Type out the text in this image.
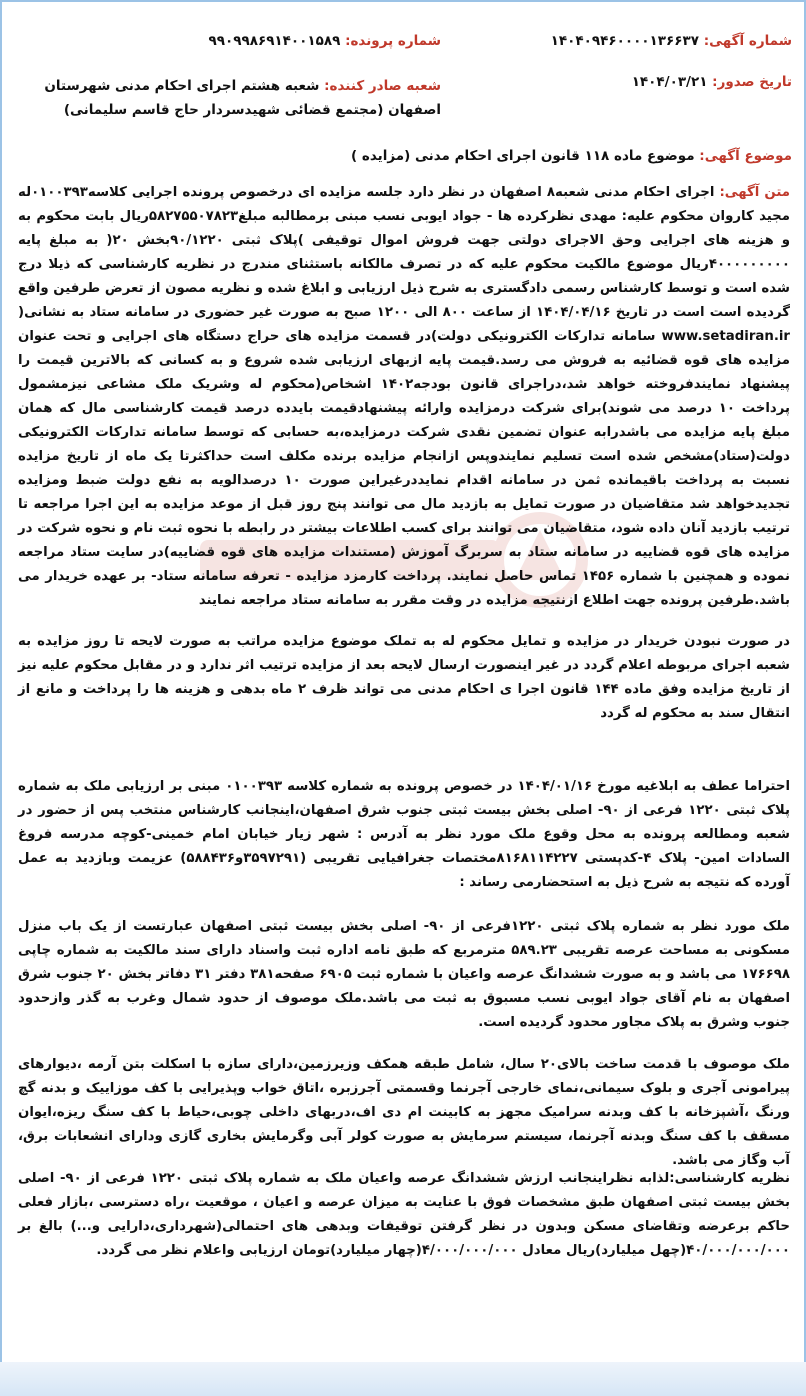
شماره آگهی: ۱۴۰۴۰۹۴۶۰۰۰۰۱۳۶۶۳۷
شماره پرونده: ۹۹۰۹۹۸۶۹۱۴۰۰۱۵۸۹
تاریخ صدور: ۱۴۰۴/۰۳/۲۱
شعبه صادر کننده: شعبه هشتم اجرای احکام مدنی شهرستان اصفهان (مجتمع قضائی شهیدسردار حاج قاسم سلیمانی)
موضوع آگهی: موضوع ماده ۱۱۸ قانون اجرای احکام مدنی (مزایده )

متن آگهی: اجرای احکام مدنی شعبه۸ اصفهان در نظر دارد جلسه مزایده ای درخصوص پرونده اجرایی کلاسه۰۱۰۰۳۹۳له مجید کاروان محکوم علیه: مهدی نظرکرده ها - جواد ایوبی نسب مبنی برمطالبه مبلغ۵۸۲۷۵۵۰۷۸۲۳ریال بابت محکوم به و هزینه های اجرایی وحق الاجرای دولتی جهت فروش اموال توقیفی )پلاک ثبتی ۹۰/۱۲۲۰بخش ۲۰( به مبلغ پایه ۴۰۰۰۰۰۰۰۰۰ریال موضوع مالکیت محکوم علیه که در تصرف مالکانه باستثنای مندرج در نظریه کارشناسی که ذیلا درج شده است و توسط کارشناس رسمی دادگستری به شرح ذیل ارزیابی و ابلاغ شده و نظریه مصون از تعرض طرفین واقع گردیده است است در تاریخ ۱۴۰۴/۰۴/۱۶ از ساعت ۸۰۰ الی ۱۲۰۰ صبح به صورت غیر حضوری در سامانه ستاد به نشانی( www.setadiran.ir سامانه تدارکات الکترونیکی دولت)در قسمت مزایده های حراج دستگاه های اجرایی و تحت عنوان مزایده های قوه قضائیه به فروش می رسد.قیمت پایه ازبهای ارزیابی شده شروع و به کسانی که بالاترین قیمت را پیشنهاد نمایندفروخته خواهد شد،دراجرای قانون بودجه۱۴۰۲ اشخاص(محکوم له وشریک ملک مشاعی نیزمشمول پرداخت ۱۰ درصد می شوند)برای شرکت درمزایده وارائه پیشنهادقیمت بایدده درصد قیمت کارشناسی مال که همان مبلغ پایه مزایده می باشدرابه عنوان تضمین نقدی شرکت درمزایده،به حسابی که توسط سامانه تدارکات الکترونیکی دولت(ستاد)مشخص شده است تسلیم نمایندوپس ازانجام مزایده برنده مکلف است حداکثرتا یک ماه از تاریخ مزایده نسبت به پرداخت باقیمانده ثمن در سامانه اقدام نمایددرغیراین صورت ۱۰ درصدالویه به نفع دولت ضبط ومزایده تجدیدخواهد شد متقاضیان در صورت تمایل به بازدید مال می توانند پنج روز قبل از موعد مزایده به این اجرا مراجعه تا ترتیب بازدید آنان داده شود، متقاضیان می توانند برای کسب اطلاعات بیشتر در رابطه با نحوه ثبت نام و نحوه شرکت در مزایده های قوه قضاییه در سامانه ستاد به سربرگ آموزش (مستندات مزایده های قوه قضاییه)در سایت ستاد مراجعه نموده و همچنین با شماره ۱۴۵۶ تماس حاصل نمایند. پرداخت کارمزد مزایده - تعرفه سامانه ستاد- بر عهده خریدار می باشد.طرفین پرونده جهت اطلاع ازنتیجه مزایده در وقت مقرر به سامانه ستاد مراجعه نمایند

در صورت نبودن خریدار در مزایده و تمایل محکوم له به تملک موضوع مزایده مراتب به صورت لایحه تا روز مزایده به شعبه اجرای مربوطه اعلام گردد در غیر اینصورت ارسال لایحه بعد از مزایده ترتیب اثر ندارد و در مقابل محکوم علیه نیز از تاریخ مزایده وفق ماده ۱۴۴ قانون اجرا ی احکام مدنی می تواند ظرف ۲ ماه بدهی و هزینه ها را پرداخت و مانع از انتقال سند به محکوم له گردد

احتراما عطف به ابلاغیه مورخ ۱۴۰۴/۰۱/۱۶ در خصوص پرونده به شماره کلاسه ۰۱۰۰۳۹۳ مبنی بر ارزیابی ملک به شماره پلاک ثبتی ۱۲۲۰ فرعی از ۹۰- اصلی بخش بیست ثبتی جنوب شرق اصفهان،اینجانب کارشناس منتخب پس از حضور در شعبه ومطالعه پرونده به محل وقوع ملک مورد نظر به آدرس : شهر زیار خیابان امام خمینی-کوچه مدرسه فروغ السادات امین- پلاک ۴-کدپستی ۸۱۶۸۱۱۴۲۲۷مختصات جغرافیایی تقریبی (۳۵۹۷۲۹۱و۵۸۸۴۳۶) عزیمت وبازدید به عمل آورده که نتیجه به شرح ذیل به استحضارمی رساند :

ملک مورد نظر به شماره پلاک ثبتی ۱۲۲۰فرعی از ۹۰- اصلی بخش بیست ثبتی اصفهان عبارتست از یک باب منزل مسکونی به مساحت عرصه تقریبی ۵۸۹.۲۳ مترمربع که طبق نامه اداره ثبت واسناد دارای سند مالکیت به شماره چاپی ۱۷۶۶۹۸ می باشد و به صورت ششدانگ عرصه واعیان با شماره ثبت ۶۹۰۵ صفحه۳۸۱ دفتر ۳۱ دفاتر بخش ۲۰ جنوب شرق اصفهان به نام آقای جواد ایوبی نسب مسبوق به ثبت می باشد.ملک موصوف از حدود شمال وغرب به گذر وازحدود جنوب وشرق به پلاک مجاور محدود گردیده است.

ملک موصوف با قدمت ساخت بالای۲۰ سال، شامل طبقه همکف وزیرزمین،دارای سازه با اسکلت بتن آرمه ،دیوارهای پیرامونی آجری و بلوک سیمانی،نمای خارجی آجرنما وقسمتی آجرزبره ،اتاق خواب وپذیرایی با کف موزاییک و بدنه گچ ورنگ ،آشپزخانه با کف وبدنه سرامیک مجهز به کابینت ام دی اف،دربهای داخلی چوبی،حیاط با کف سنگ ریزه،ایوان مسقف با کف سنگ وبدنه آجرنما، سیستم سرمایش به صورت کولر آبی وگرمایش بخاری گازی ودارای انشعابات برق، آب وگاز می باشد.

نظریه کارشناسی:لذابه نظراینجانب ارزش ششدانگ عرصه واعیان ملک به شماره پلاک ثبتی ۱۲۲۰ فرعی از ۹۰- اصلی بخش بیست ثبتی اصفهان طبق مشخصات فوق با عنایت به میزان عرصه و اعیان ، موقعیت ،راه دسترسی ،بازار فعلی حاکم برعرضه وتقاضای مسکن وبدون در نظر گرفتن توقیفات وبدهی های احتمالی(شهرداری،دارایی و...) بالغ بر ۴۰/۰۰۰/۰۰۰/۰۰۰(چهل میلیارد)ریال معادل ۴/۰۰۰/۰۰۰/۰۰۰(چهار میلیارد)تومان ارزیابی واعلام نظر می گردد.
